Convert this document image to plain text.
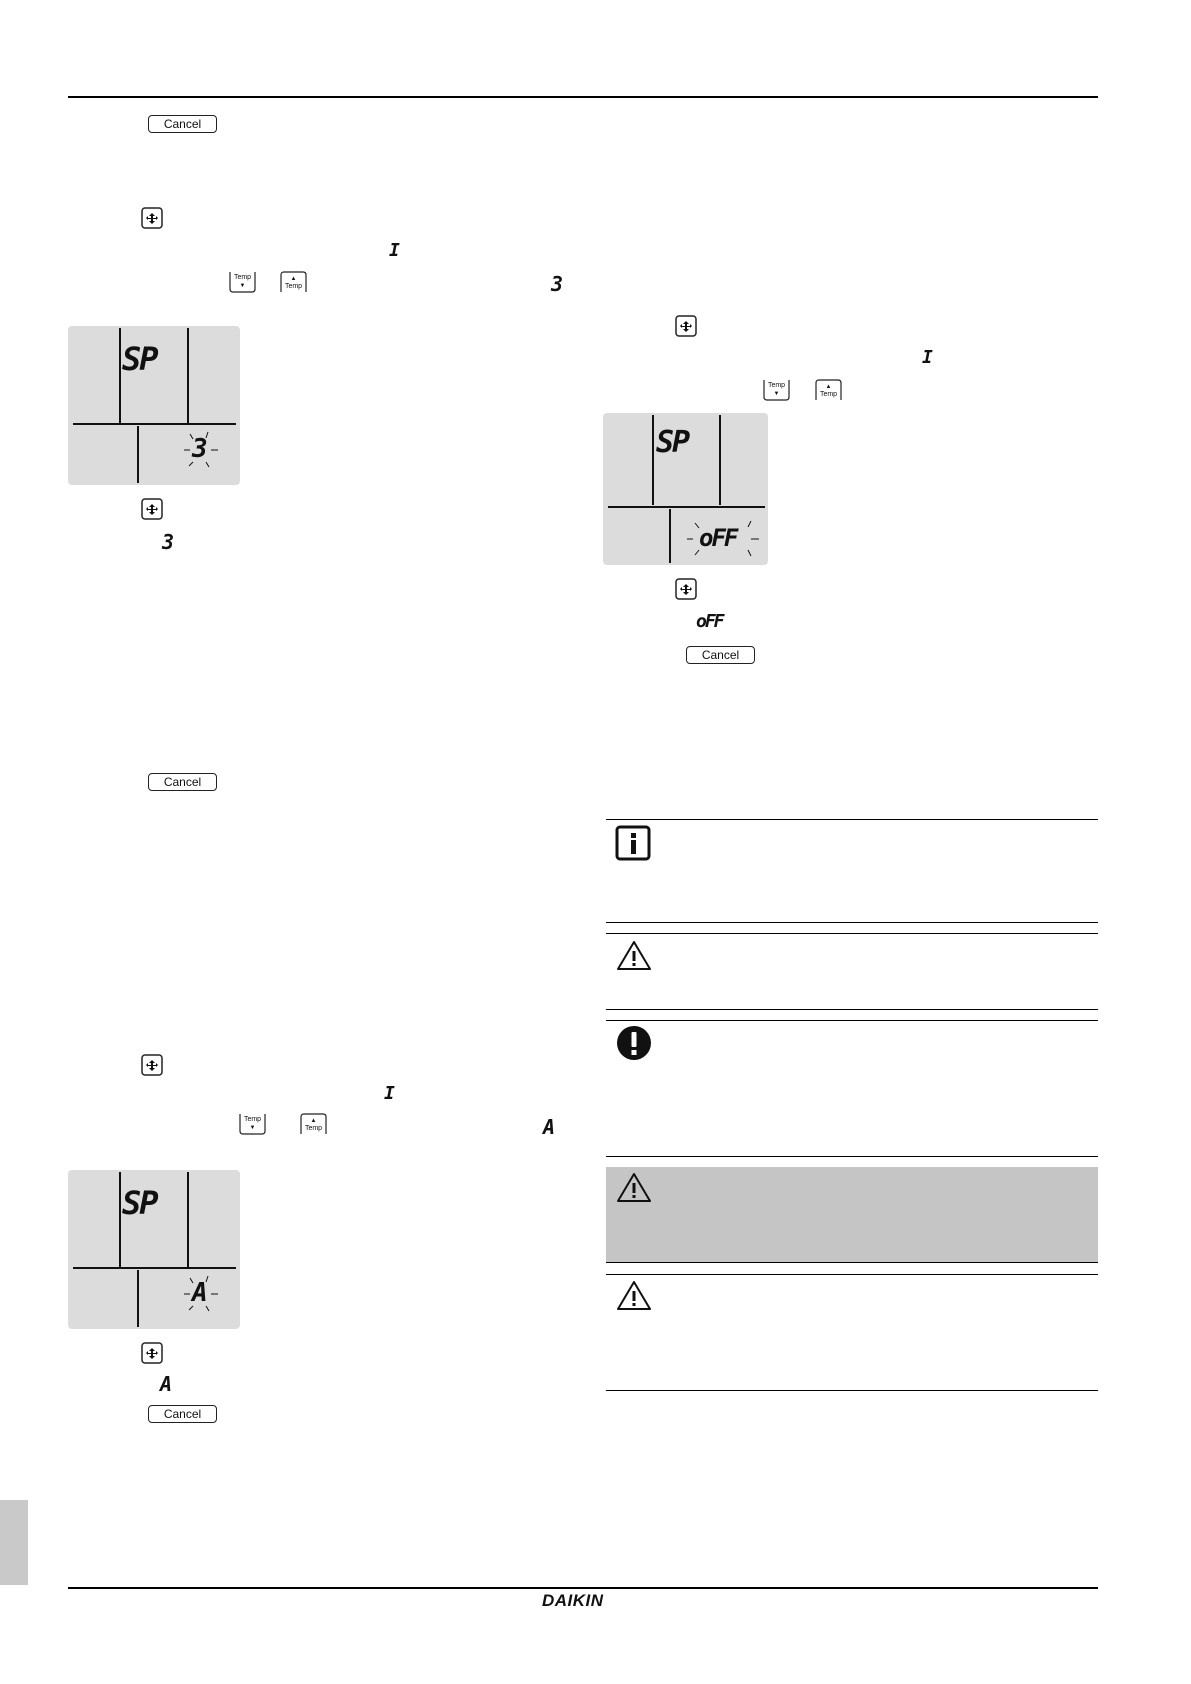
Cancel
I
Temp
▼
▲
Temp	3
SP
3
3
Cancel
I
Temp
▼
▲
Temp	A
SP
A
A
Cancel
I
Temp
▼
▲
Temp
SP
oFF
oFF
Cancel
DAIKIN
